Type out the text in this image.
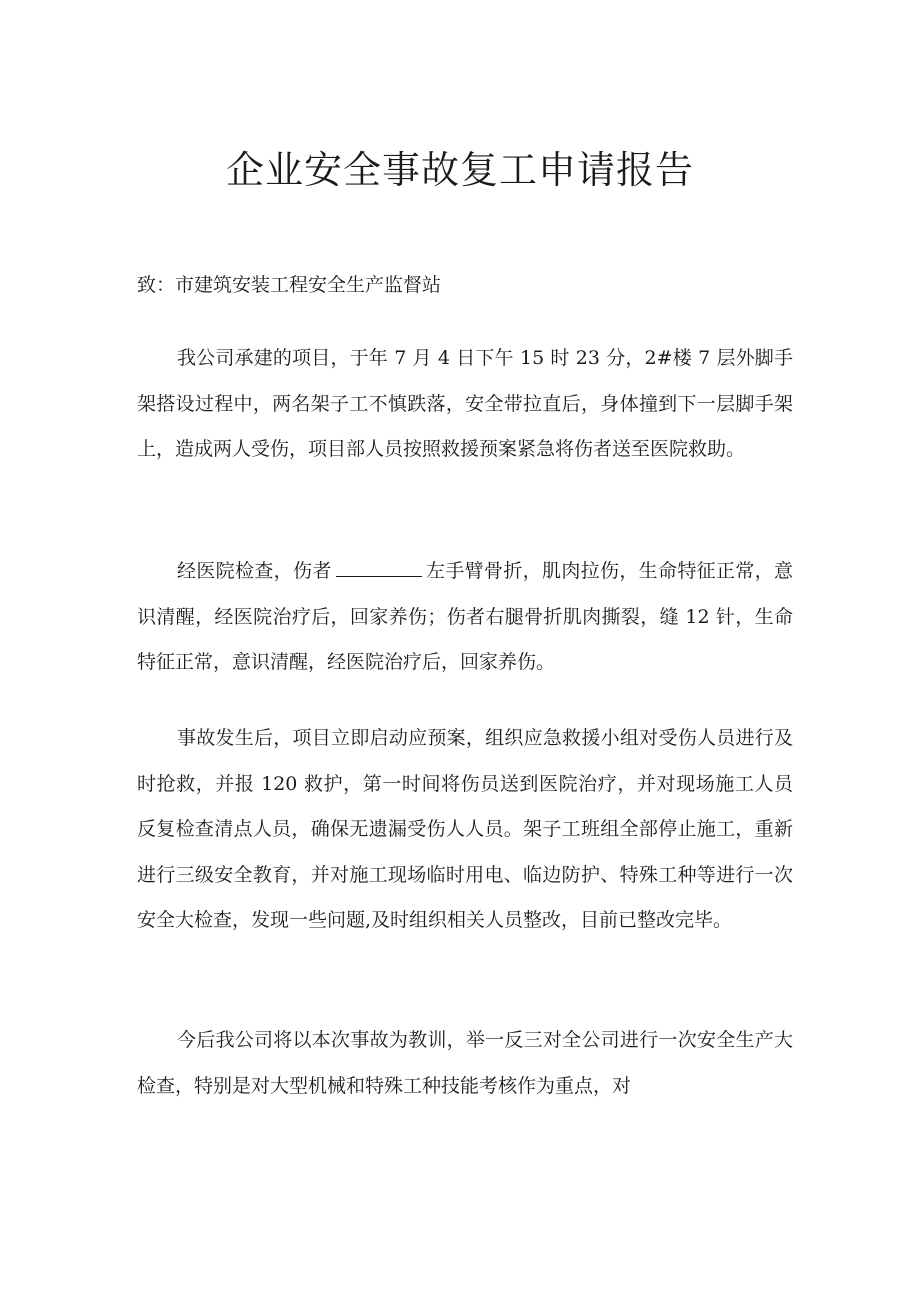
企业安全事故复工申请报告

致：市建筑安装工程安全生产监督站

我公司承建的项目，于年 7 月 4 日下午 15 时 23 分，2#楼 7 层外脚手架搭设过程中，两名架子工不慎跌落，安全带拉直后，身体撞到下一层脚手架上，造成两人受伤，项目部人员按照救援预案紧急将伤者送至医院救助。

经医院检查，伤者	左手臂骨折，肌肉拉伤，生命特征正常，意识清醒，经医院治疗后，回家养伤；伤者右腿骨折肌肉撕裂，缝 12 针，生命特征正常，意识清醒，经医院治疗后，回家养伤。

事故发生后，项目立即启动应预案，组织应急救援小组对受伤人员进行及时抢救，并报 120 救护，第一时间将伤员送到医院治疗，并对现场施工人员反复检查清点人员，确保无遗漏受伤人人员。架子工班组全部停止施工，重新进行三级安全教育，并对施工现场临时用电、临边防护、特殊工种等进行一次安全大检查，发现一些问题,及时组织相关人员整改，目前已整改完毕。

今后我公司将以本次事故为教训，举一反三对全公司进行一次安全生产大检查，特别是对大型机械和特殊工种技能考核作为重点，对
